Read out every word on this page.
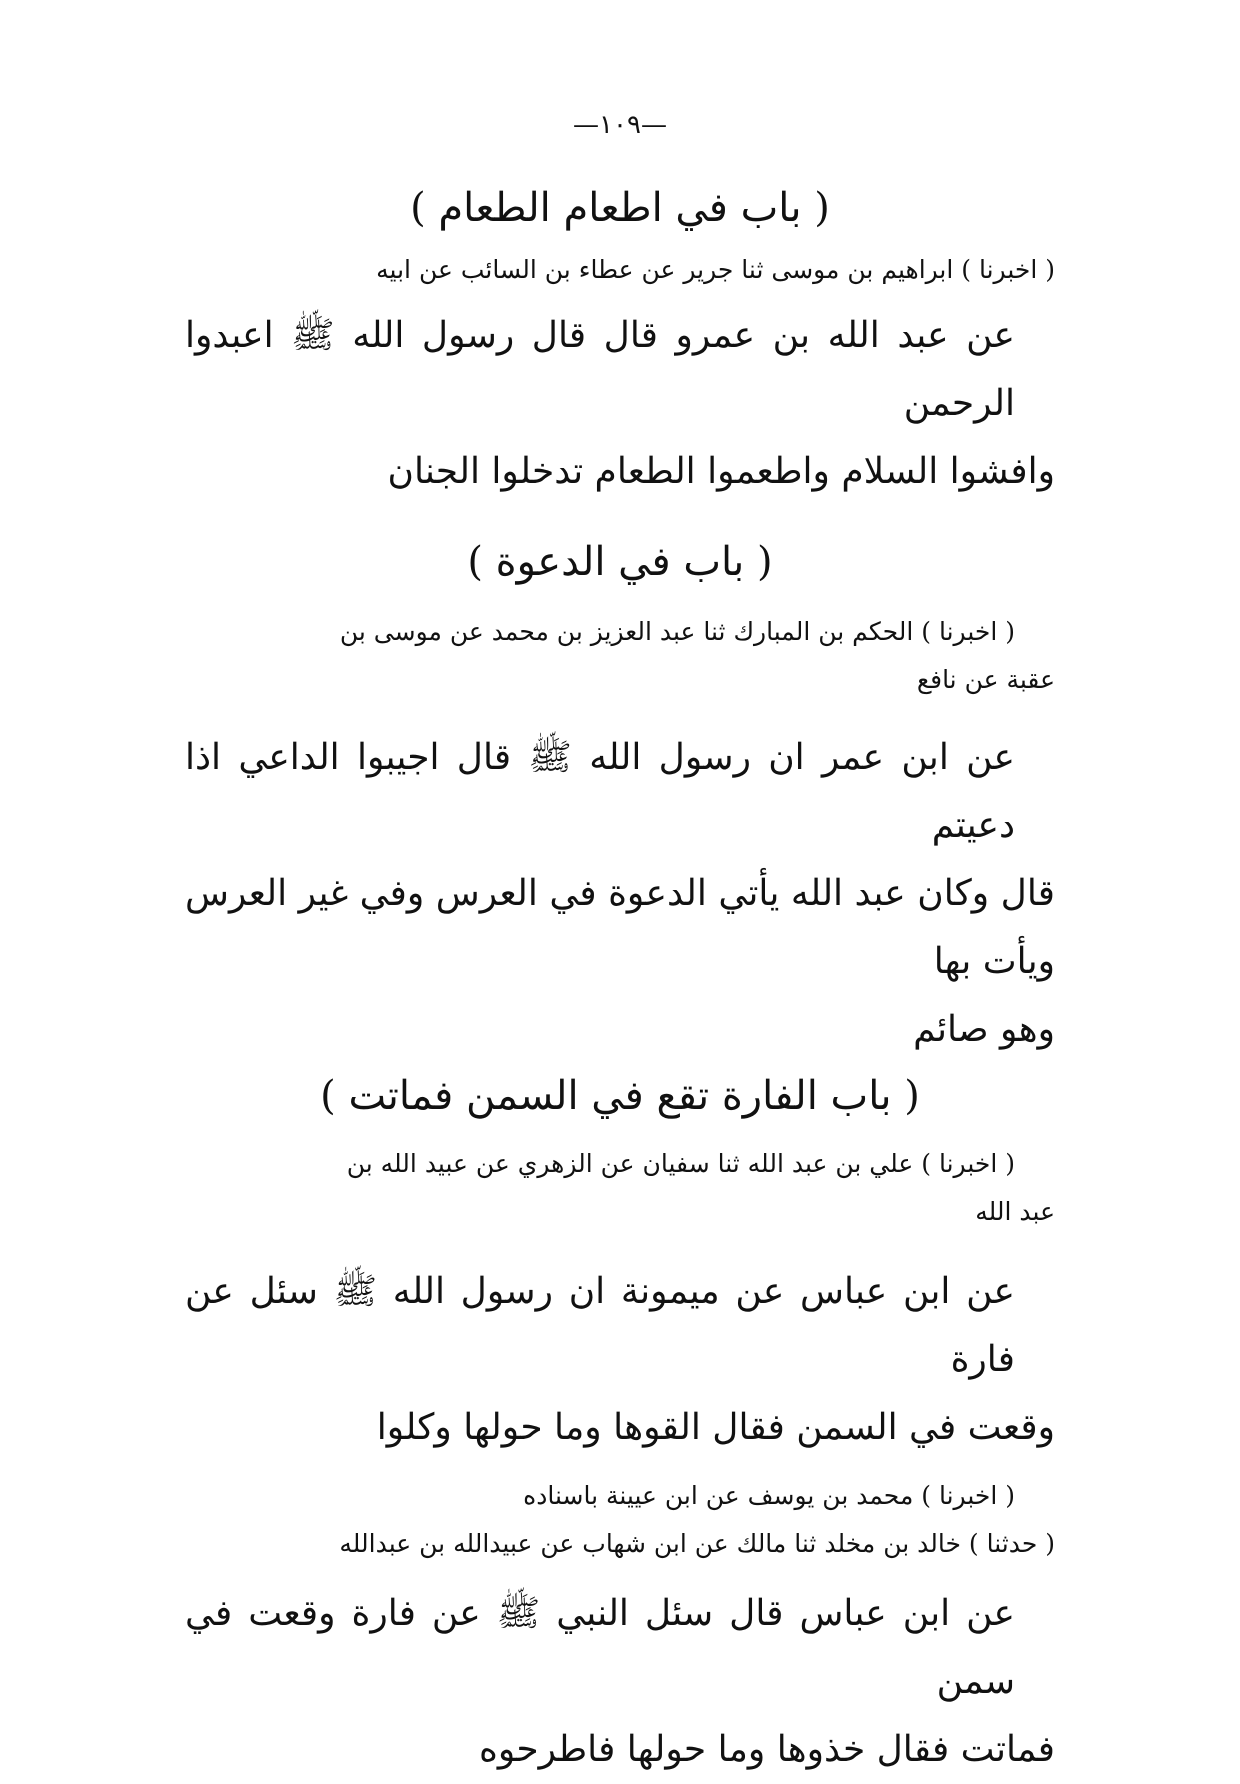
—١٠٩—
( باب في اطعام الطعام )
( اخبرنا ) ابراهيم بن موسى ثنا جرير عن عطاء بن السائب عن ابيه
عن عبد الله بن عمرو قال قال رسول الله ﷺ اعبدوا الرحمن
وافشوا السلام واطعموا الطعام تدخلوا الجنان
( باب في الدعوة )
( اخبرنا ) الحكم بن المبارك ثنا عبد العزيز بن محمد عن موسى بن
عقبة عن نافع
عن ابن عمر ان رسول الله ﷺ قال اجيبوا الداعي اذا دعيتم
قال وكان عبد الله يأتي الدعوة في العرس وفي غير العرس ويأت بها
وهو صائم
( باب الفارة تقع في السمن فماتت )
( اخبرنا ) علي بن عبد الله ثنا سفيان عن الزهري عن عبيد الله بن
عبد الله
عن ابن عباس عن ميمونة ان رسول الله ﷺ سئل عن فارة
وقعت في السمن فقال القوها وما حولها وكلوا
( اخبرنا ) محمد بن يوسف عن ابن عيينة باسناده
( حدثنا ) خالد بن مخلد ثنا مالك عن ابن شهاب عن عبيدالله بن عبدالله
عن ابن عباس قال سئل النبي ﷺ عن فارة وقعت في سمن
فماتت فقال خذوها وما حولها فاطرحوه
